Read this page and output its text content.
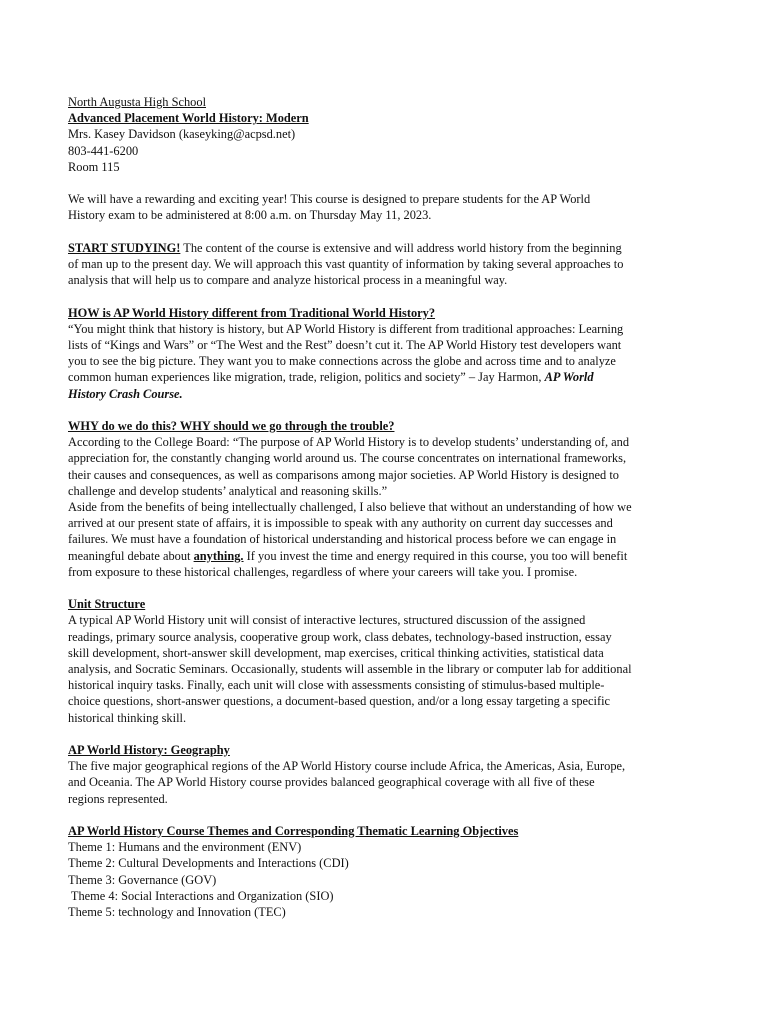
North Augusta High School
Advanced Placement World History: Modern
Mrs. Kasey Davidson (kaseyking@acpsd.net)
803-441-6200
Room 115
We will have a rewarding and exciting year! This course is designed to prepare students for the AP World
History exam to be administered at 8:00 a.m. on Thursday May 11, 2023.
START STUDYING! The content of the course is extensive and will address world history from the beginning
of man up to the present day. We will approach this vast quantity of information by taking several approaches to
analysis that will help us to compare and analyze historical process in a meaningful way.
HOW is AP World History different from Traditional World History?
“You might think that history is history, but AP World History is different from traditional approaches: Learning
lists of “Kings and Wars” or “The West and the Rest” doesn’t cut it. The AP World History test developers want
you to see the big picture. They want you to make connections across the globe and across time and to analyze
common human experiences like migration, trade, religion, politics and society” – Jay Harmon, AP World
History Crash Course.
WHY do we do this? WHY should we go through the trouble?
According to the College Board: “The purpose of AP World History is to develop students’ understanding of, and
appreciation for, the constantly changing world around us. The course concentrates on international frameworks,
their causes and consequences, as well as comparisons among major societies. AP World History is designed to
challenge and develop students’ analytical and reasoning skills.”
Aside from the benefits of being intellectually challenged, I also believe that without an understanding of how we
arrived at our present state of affairs, it is impossible to speak with any authority on current day successes and
failures. We must have a foundation of historical understanding and historical process before we can engage in
meaningful debate about anything. If you invest the time and energy required in this course, you too will benefit
from exposure to these historical challenges, regardless of where your careers will take you. I promise.
Unit Structure
A typical AP World History unit will consist of interactive lectures, structured discussion of the assigned
readings, primary source analysis, cooperative group work, class debates, technology-based instruction, essay
skill development, short-answer skill development, map exercises, critical thinking activities, statistical data
analysis, and Socratic Seminars. Occasionally, students will assemble in the library or computer lab for additional
historical inquiry tasks. Finally, each unit will close with assessments consisting of stimulus-based multiple-
choice questions, short-answer questions, a document-based question, and/or a long essay targeting a specific
historical thinking skill.
AP World History: Geography
The five major geographical regions of the AP World History course include Africa, the Americas, Asia, Europe,
and Oceania. The AP World History course provides balanced geographical coverage with all five of these
regions represented.
AP World History Course Themes and Corresponding Thematic Learning Objectives
Theme 1: Humans and the environment (ENV)
Theme 2: Cultural Developments and Interactions (CDI)
Theme 3: Governance (GOV)
Theme 4: Social Interactions and Organization (SIO)
Theme 5: technology and Innovation (TEC)
